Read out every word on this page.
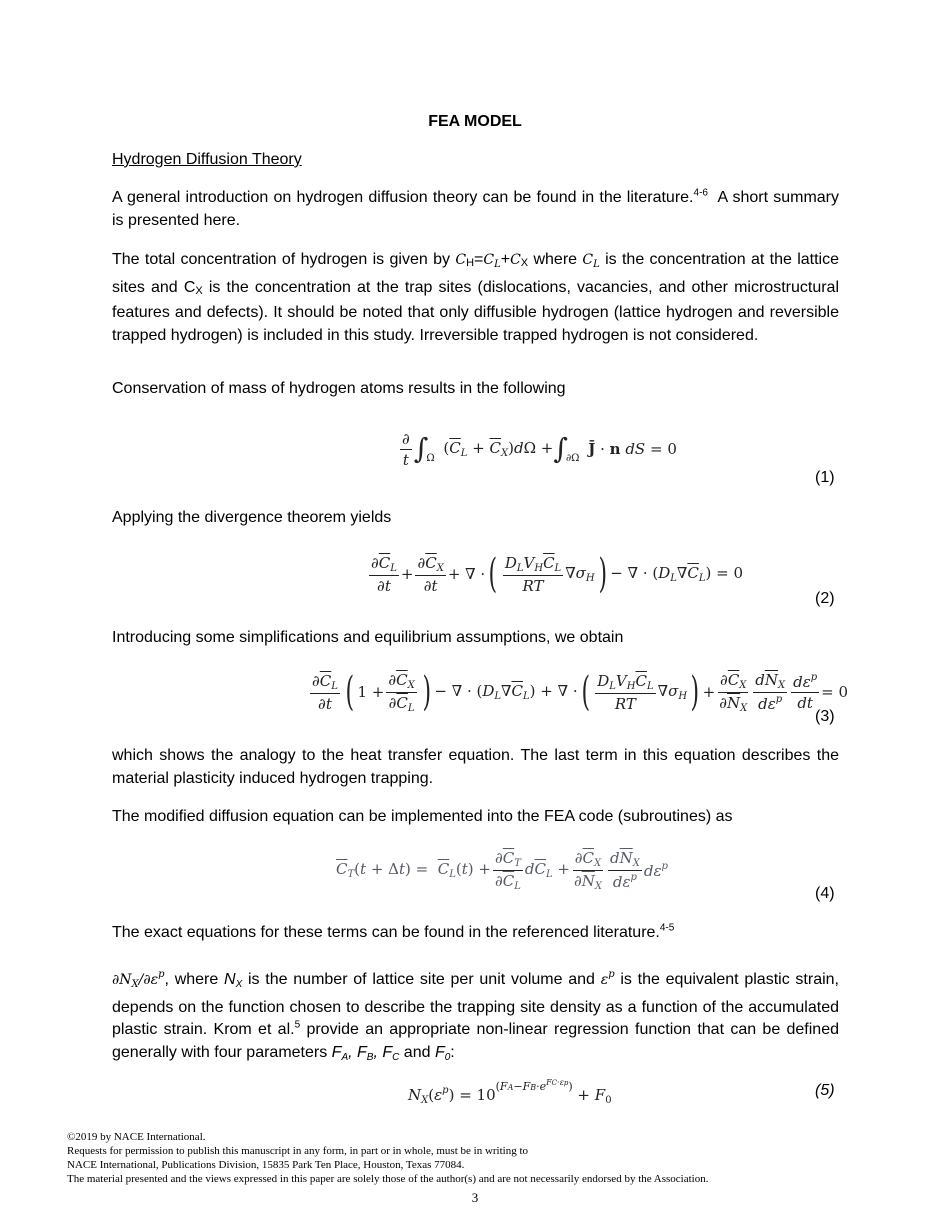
FEA MODEL
Hydrogen Diffusion Theory
A general introduction on hydrogen diffusion theory can be found in the literature.$^{4-6}$  A short summary is presented here.
The total concentration of hydrogen is given by $CH=C_L+CX$ where $C_L$ is the concentration at the lattice sites and CX is the concentration at the trap sites (dislocations, vacancies, and other microstructural features and defects). It should be noted that only diffusible hydrogen (lattice hydrogen and reversible trapped hydrogen) is included in this study. Irreversible trapped hydrogen is not considered.
Conservation of mass of hydrogen atoms results in the following
$\frac{\partial}{t}$ ∫
Ω
$(\overline{C}_L + \overline{C}_X)d\Omega$ + ∫
∂Ω J̄ · n dS = 0
(1)
Applying the divergence theorem yields
$\frac{\partial\overline{C}_L}{\partial t} + \frac{\partial\overline{C}_X}{\partial t}$ + ∇ · ( $\frac{D_LV_H\overline{C}_L}{RT} \nabla\sigma_H$ ) − ∇ · $(D_L\nabla\overline{C}_L) = 0$
(2)
Introducing some simplifications and equilibrium assumptions, we obtain
$\frac{\partial\overline{C}_L}{\partial t}$ ( $1 + \frac{\partial\overline{C}_X}{\partial\overline{C}_L}$ ) − ∇ · $(D_L\nabla\overline{C}_L)$ + ∇ · ( $\frac{D_LV_H\overline{C}_L}{RT} \nabla\sigma_H$ ) + $\frac{\partial\overline{C}_X}{\partial\overline{N}_X} \frac{d\overline{N}_X}{d\varepsilon^p} \frac{d\varepsilon^p}{dt} = 0$
(3)
which shows the analogy to the heat transfer equation. The last term in this equation describes the material plasticity induced hydrogen trapping.
The modified diffusion equation can be implemented into the FEA code (subroutines) as
$\overline{C}_T(t + \Delta t) = \overline{C}_L(t) + \frac{\partial\overline{C}_T}{\partial\overline{C}_L} d\overline{C}_L + \frac{\partial\overline{C}_X}{\partial\overline{N}_X} \frac{d\overline{N}_X}{d\varepsilon^p} d\varepsilon^p$
(4)
The exact equations for these terms can be found in the referenced literature.$^{4-5}$
$\partial N_X/\partial\varepsilon^p$, where $N_X$ is the number of lattice site per unit volume and $\varepsilon^p$ is the equivalent plastic strain, depends on the function chosen to describe the trapping site density as a function of the accumulated plastic strain. Krom et al.$^5$ provide an appropriate non-linear regression function that can be defined generally with four parameters $F_A$, $F_B$, $F_C$ and $F_0$:
$N_X(\varepsilon^p) = 10^{(FA-FB\cdot e^{FC\cdot\varepsilon p})} + F_0$
(5)
©2019 by NACE International.
Requests for permission to publish this manuscript in any form, in part or in whole, must be in writing to
NACE International, Publications Division, 15835 Park Ten Place, Houston, Texas 77084.
The material presented and the views expressed in this paper are solely those of the author(s) and are not necessarily endorsed by the Association.
3
